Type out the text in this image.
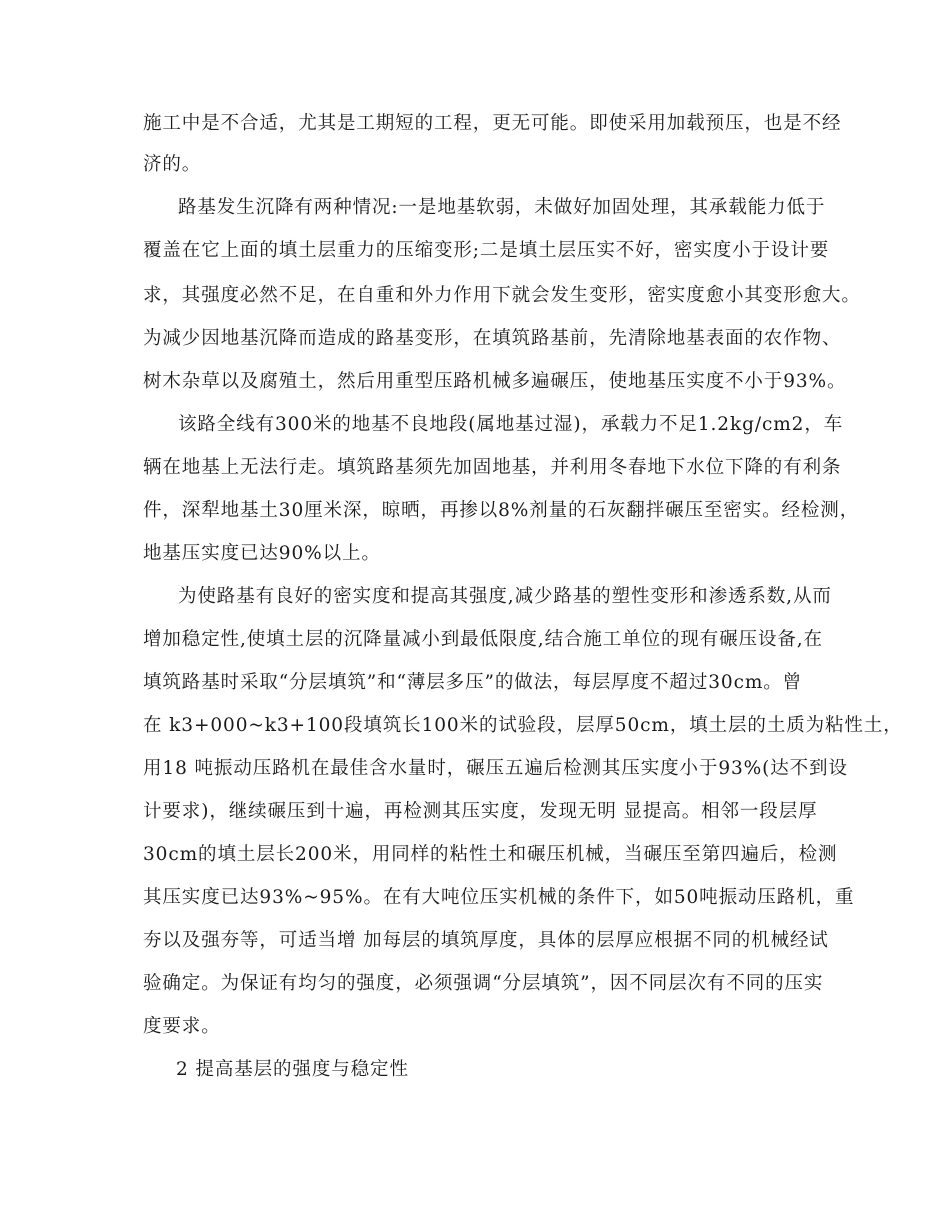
施工中是不合适，尤其是工期短的工程，更无可能。即使采用加载预压，也是不经
济的。
路基发生沉降有两种情况:一是地基软弱，未做好加固处理，其承载能力低于
覆盖在它上面的填土层重力的压缩变形;二是填土层压实不好，密实度小于设计要
求，其强度必然不足，在自重和外力作用下就会发生变形，密实度愈小其变形愈大。
为减少因地基沉降而造成的路基变形，在填筑路基前，先清除地基表面的农作物、
树木杂草以及腐殖土，然后用重型压路机械多遍碾压，使地基压实度不小于93%。
该路全线有300米的地基不良地段(属地基过湿)，承载力不足1.2kg/cm2，车
辆在地基上无法行走。填筑路基须先加固地基，并利用冬春地下水位下降的有利条
件，深犁地基土30厘米深，晾晒，再掺以8%剂量的石灰翻拌碾压至密实。经检测，
地基压实度已达90%以上。
为使路基有良好的密实度和提高其强度,减少路基的塑性变形和渗透系数,从而
增加稳定性,使填土层的沉降量减小到最低限度,结合施工单位的现有碾压设备,在
填筑路基时采取“分层填筑”和“薄层多压”的做法，每层厚度不超过30cm。曾
在 k3+000~k3+100段填筑长100米的试验段，层厚50cm，填土层的土质为粘性土，
用18 吨振动压路机在最佳含水量时，碾压五遍后检测其压实度小于93%(达不到设
计要求)，继续碾压到十遍，再检测其压实度，发现无明 显提高。相邻一段层厚
30cm的填土层长200米，用同样的粘性土和碾压机械，当碾压至第四遍后，检测
其压实度已达93%~95%。在有大吨位压实机械的条件下，如50吨振动压路机，重
夯以及强夯等，可适当增 加每层的填筑厚度，具体的层厚应根据不同的机械经试
验确定。为保证有均匀的强度，必须强调“分层填筑”，因不同层次有不同的压实
度要求。
2 提高基层的强度与稳定性
